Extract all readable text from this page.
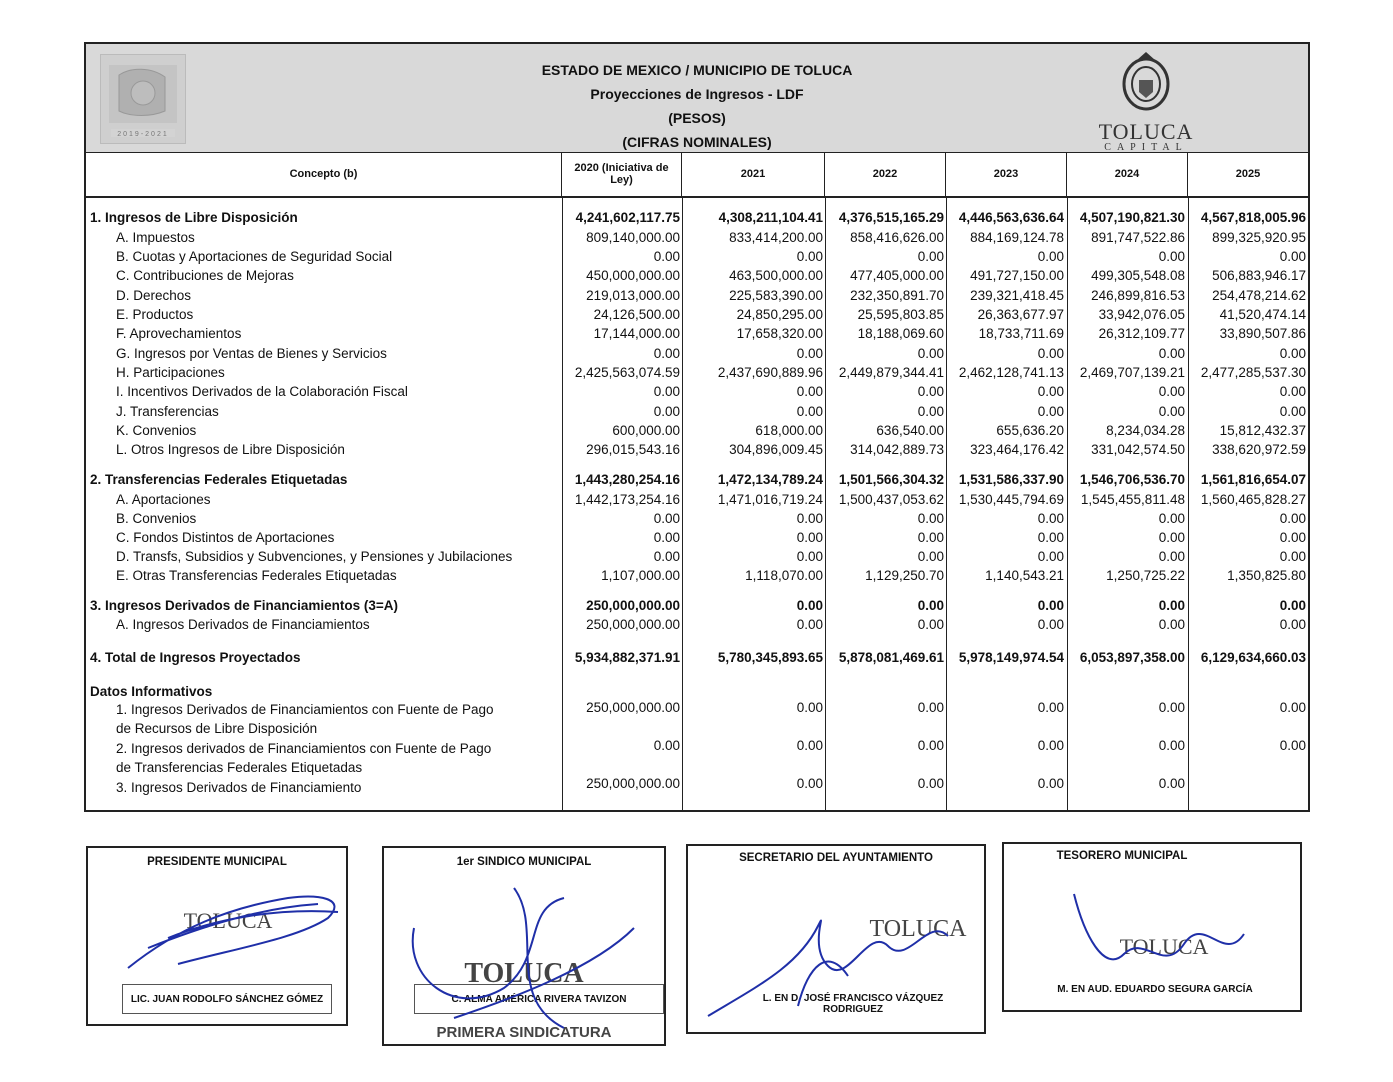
2019-2021
ESTADO DE MEXICO / MUNICIPIO DE TOLUCA
Proyecciones de Ingresos - LDF
(PESOS)
(CIFRAS NOMINALES)	TOLUCA
CAPITAL
Concepto (b)	2020 (Iniciativa de Ley)	2021	2022	2023	2024	2025
1. Ingresos de Libre Disposición	4,241,602,117.75	4,308,211,104.41 4,376,515,165.29 4,446,563,636.64 4,507,190,821.30 4,567,818,005.96
A. Impuestos	809,140,000.00	833,414,200.00 858,416,626.00 884,169,124.78 891,747,522.86 899,325,920.95
B. Cuotas y Aportaciones de Seguridad Social	0.00	0.00	0.00	0.00	0.00	0.00
C. Contribuciones de Mejoras	450,000,000.00	463,500,000.00 477,405,000.00 491,727,150.00 499,305,548.08 506,883,946.17
D. Derechos	219,013,000.00	225,583,390.00 232,350,891.70 239,321,418.45 246,899,816.53 254,478,214.62
E. Productos	24,126,500.00	24,850,295.00	25,595,803.85 26,363,677.97	33,942,076.05	41,520,474.14
F. Aprovechamientos	17,144,000.00	17,658,320.00	18,188,069.60	18,733,711.69	26,312,109.77	33,890,507.86
G. Ingresos por Ventas de Bienes y Servicios	0.00	0.00	0.00	0.00	0.00	0.00
H. Participaciones	2,425,563,074.59	2,437,690,889.96 2,449,879,344.41 2,462,128,741.13 2,469,707,139.21 2,477,285,537.30
I. Incentivos Derivados de la Colaboración Fiscal	0.00	0.00	0.00	0.00	0.00	0.00
J. Transferencias	0.00	0.00	0.00	0.00	0.00	0.00
K. Convenios	600,000.00	618,000.00	636,540.00	655,636.20	8,234,034.28	15,812,432.37
L. Otros Ingresos de Libre Disposición	296,015,543.16	304,896,009.45 314,042,889.73 323,464,176.42 331,042,574.50 338,620,972.59
2. Transferencias Federales Etiquetadas	1,443,280,254.16	1,472,134,789.24 1,501,566,304.32 1,531,586,337.90 1,546,706,536.70 1,561,816,654.07
A. Aportaciones	1,442,173,254.16	1,471,016,719.24 1,500,437,053.62 1,530,445,794.69 1,545,455,811.48 1,560,465,828.27
B. Convenios	0.00	0.00	0.00	0.00	0.00	0.00
C. Fondos Distintos de Aportaciones	0.00	0.00	0.00	0.00	0.00	0.00
D. Transfs, Subsidios y Subvenciones, y Pensiones y Jubilaciones	0.00	0.00	0.00	0.00	0.00	0.00
E. Otras Transferencias Federales Etiquetadas	1,107,000.00	1,118,070.00	1,129,250.70	1,140,543.21	1,250,725.22	1,350,825.80
3. Ingresos Derivados de Financiamientos (3=A)	250,000,000.00	0.00	0.00	0.00	0.00	0.00
A. Ingresos Derivados de Financiamientos	250,000,000.00	0.00	0.00	0.00	0.00	0.00
4. Total de Ingresos Proyectados	5,934,882,371.91	5,780,345,893.65 5,878,081,469.61 5,978,149,974.54 6,053,897,358.00 6,129,634,660.03
Datos Informativos
1. Ingresos Derivados de Financiamientos con Fuente de Pago
de Recursos de Libre Disposición
250,000,000.00	0.00	0.00	0.00	0.00	0.00
2. Ingresos derivados de Financiamientos con Fuente de Pago
de Transferencias Federales Etiquetadas
0.00	0.00	0.00	0.00	0.00	0.00
3. Ingresos Derivados de Financiamiento	250,000,000.00	0.00	0.00	0.00	0.00
PRESIDENTE MUNICIPAL
TOLUCA
LIC. JUAN RODOLFO SÁNCHEZ GÓMEZ
1er SINDICO MUNICIPAL
TOLUCA
C. ALMA AMÉRICA RIVERA TAVIZON
PRIMERA SINDICATURA
SECRETARIO DEL AYUNTAMIENTO
TOLUCA
L. EN D. JOSÉ FRANCISCO VÁZQUEZ
RODRIGUEZ
TESORERO MUNICIPAL
TOLUCA
M. EN AUD. EDUARDO SEGURA GARCÍA
